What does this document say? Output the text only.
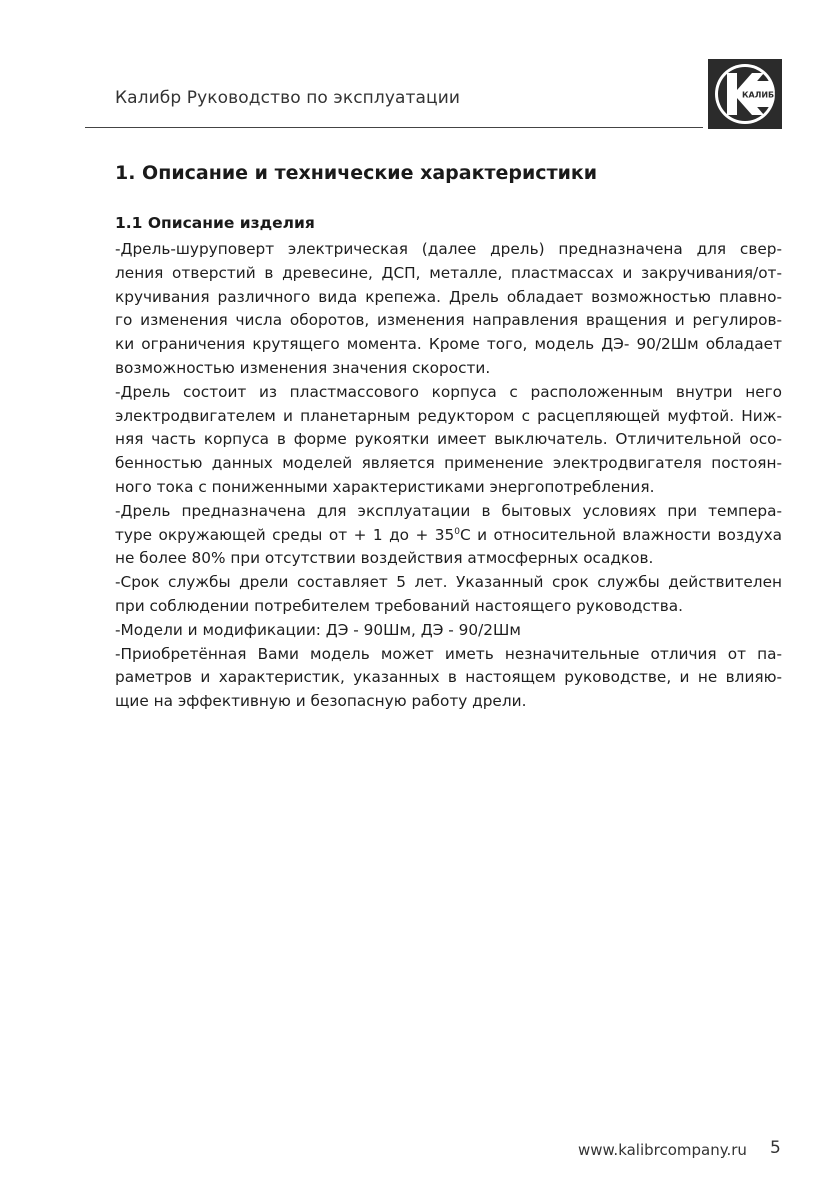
Калибр Руководство по эксплуатации	КАЛИБР
1. Описание и технические характеристики
1.1 Описание изделия

-Дрель-шуруповерт электрическая (далее дрель) предназначена для свер-
ления отверстий в древесине, ДСП, металле, пластмассах и закручивания/от-
кручивания различного вида крепежа. Дрель обладает возможностью плавно-
го изменения числа оборотов, изменения направления вращения и регулиров-
ки ограничения крутящего момента. Кроме того, модель ДЭ- 90/2Шм обладает
возможностью изменения значения скорости.

-Дрель состоит из пластмассового корпуса с расположенным внутри него
электродвигателем и планетарным редуктором с расцепляющей муфтой. Ниж-
няя часть корпуса в форме рукоятки имеет выключатель. Отличительной осо-
бенностью данных моделей является применение электродвигателя постоян-
ного тока с пониженными характеристиками энергопотребления.

-Дрель предназначена для эксплуатации в бытовых условиях при темпера-
туре окружающей среды от + 1 до + $35^0С$ и относительной влажности воздуха
не более 80% при отсутствии воздействия атмосферных осадков.

-Срок службы дрели составляет 5 лет. Указанный срок службы действителен
при соблюдении потребителем требований настоящего руководства.

-Модели и модификации: ДЭ - 90Шм, ДЭ - 90/2Шм

-Приобретённая Вами модель может иметь незначительные отличия от па-
раметров и характеристик, указанных в настоящем руководстве, и не влияю-
щие на эффективную и безопасную работу дрели.

www.kalibrcompany.ru 5
